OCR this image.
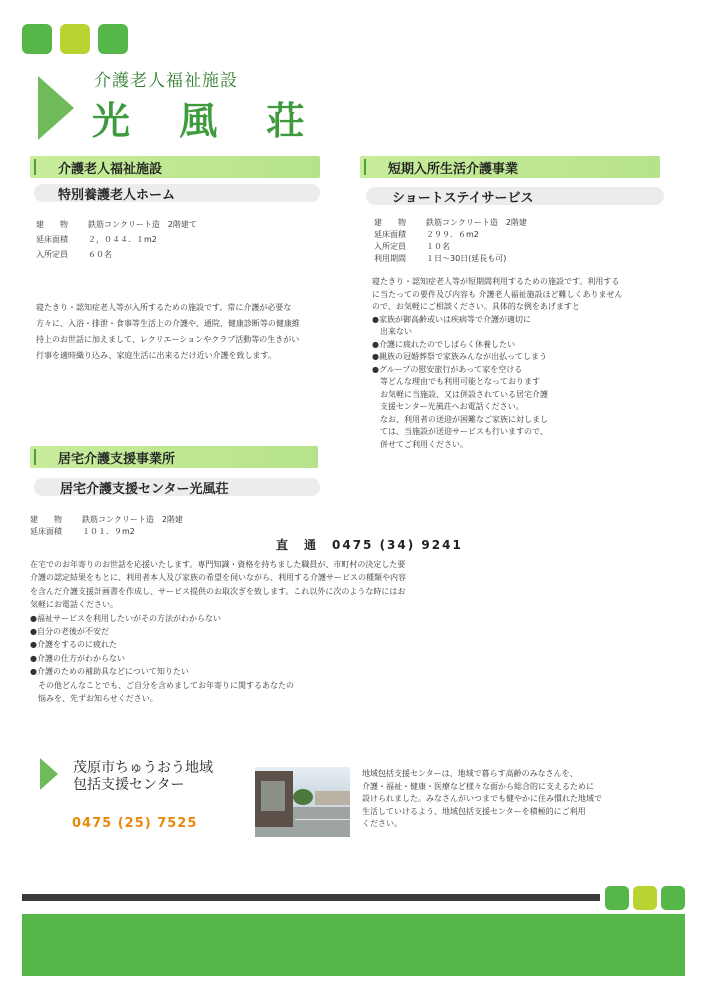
介護老人福祉施設
光 風 荘
介護老人福祉施設
特別養護老人ホーム
建　　物	鉄筋コンクリート造　2階建て
延床面積	２，０４４．１m2
入所定員	６０名
寝たきり・認知症老人等が入所するための施設です。常に介護が必要な
方々に、入浴・排泄・食事等生活上の介護や、通院、健康診断等の健康維
持上のお世話に加えまして、レクリエーションやクラブ活動等の生きがい
行事を適時織り込み、家庭生活に出来るだけ近い介護を致します。
短期入所生活介護事業
ショートステイサービス
建　　物	鉄筋コンクリート造　2階建
延床面積	２９９．６m2
入所定員	１０名
利用期間	１日～30日(延長も可)
寝たきり・認知症老人等が短期間利用するための施設です。利用する
に当たっての要件及び内容も 介護老人福祉施設ほど難しくありません
ので、お気軽にご相談ください。具体的な例をあげますと
●家族が御高齢或いは疾病等で介護が適切に
　出来ない
●介護に疲れたのでしばらく休養したい
●親族の冠婚葬祭で家族みんなが出払ってしまう
●グループの慰安旅行があって家を空ける
　等どんな理由でも利用可能となっております
　お気軽に当施設、又は併設されている居宅介護
　支援センター光風荘へお電話ください。
　なお、利用者の送迎が困難なご家族に対しまし
　ては、当施設が送迎サービスも行いますので、
　併せてご利用ください。
居宅介護支援事業所
居宅介護支援センター光風荘
建　　物	鉄筋コンクリート造　2階建
延床面積	１０１．９m2
直　通　0475 (34) 9241
在宅でのお年寄りのお世話を応援いたします。専門知識・資格を持ちました職員が、市町村の決定した要
介護の認定結果をもとに、利用者本人及び家族の希望を伺いながら、利用する介護サービスの種類や内容
を含んだ介護支援計画書を作成し、サービス提供のお取次ぎを致します。これ以外に次のような時にはお
気軽にお電話ください。
●福祉サービスを利用したいがその方法がわからない
●自分の老後が不安だ
●介護をするのに疲れた
●介護の仕方がわからない
●介護のための補助具などについて知りたい
　その他どんなことでも、ご自分を含めましてお年寄りに関するあなたの
　悩みを、先ずお知らせください。
茂原市ちゅうおう地域
包括支援センター
0475 (25) 7525
地域包括支援センターは、地域で暮らす高齢のみなさんを、
介護・福祉・健康・医療など様々な面から総合的に支えるために
設けられました。みなさんがいつまでも健やかに住み慣れた地域で
生活していけるよう、地域包括支援センターを積極的にご利用
ください。
